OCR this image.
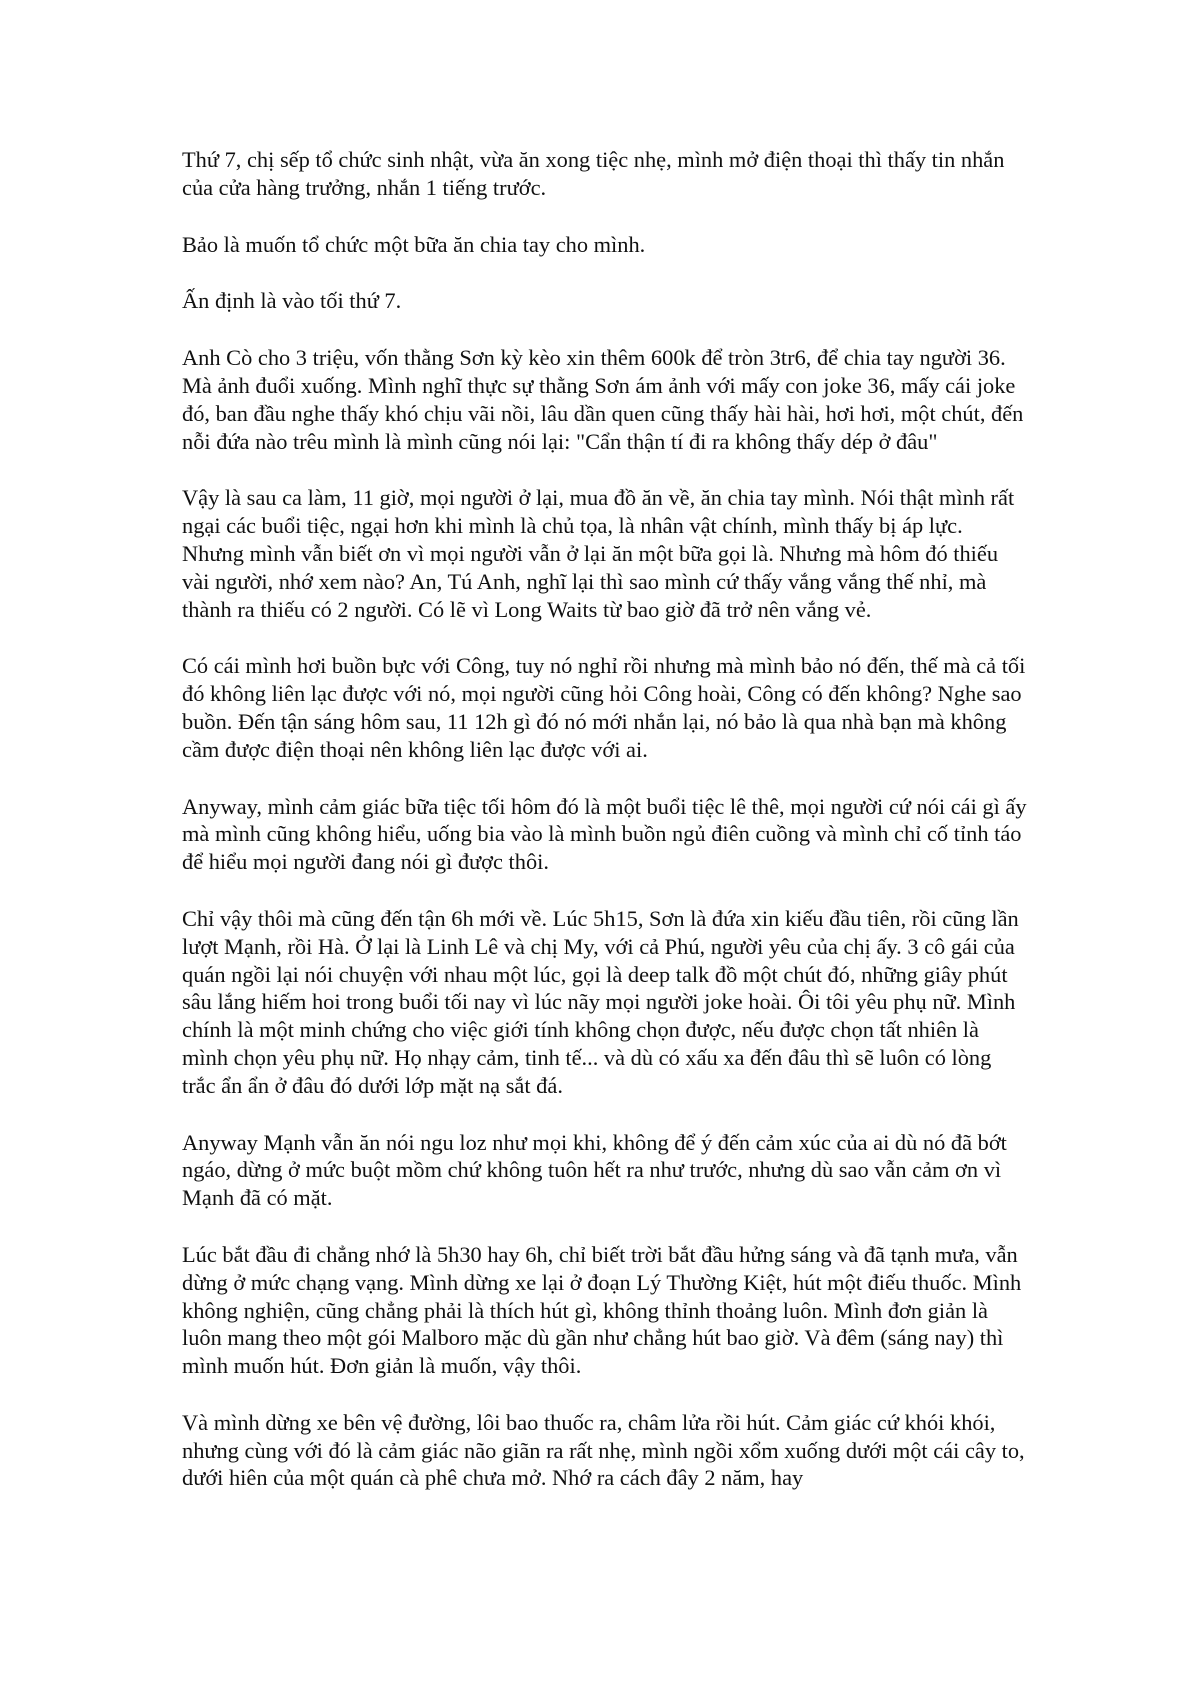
Thứ 7, chị sếp tổ chức sinh nhật, vừa ăn xong tiệc nhẹ, mình mở điện thoại thì thấy tin nhắn của cửa hàng trưởng, nhắn 1 tiếng trước.

Bảo là muốn tổ chức một bữa ăn chia tay cho mình.

Ấn định là vào tối thứ 7.

Anh Cò cho 3 triệu, vốn thằng Sơn kỳ kèo xin thêm 600k để tròn 3tr6, để chia tay người 36. Mà ảnh đuổi xuống. Mình nghĩ thực sự thằng Sơn ám ảnh với mấy con joke 36, mấy cái joke đó, ban đầu nghe thấy khó chịu vãi nồi, lâu dần quen cũng thấy hài hài, hơi hơi, một chút, đến nỗi đứa nào trêu mình là mình cũng nói lại: "Cẩn thận tí đi ra không thấy dép ở đâu"

Vậy là sau ca làm, 11 giờ, mọi người ở lại, mua đồ ăn về, ăn chia tay mình. Nói thật mình rất ngại các buổi tiệc, ngại hơn khi mình là chủ tọa, là nhân vật chính, mình thấy bị áp lực. Nhưng mình vẫn biết ơn vì mọi người vẫn ở lại ăn một bữa gọi là. Nhưng mà hôm đó thiếu vài người, nhớ xem nào? An, Tú Anh, nghĩ lại thì sao mình cứ thấy vắng vắng thế nhỉ, mà thành ra thiếu có 2 người. Có lẽ vì Long Waits từ bao giờ đã trở nên vắng vẻ.

Có cái mình hơi buồn bực với Công, tuy nó nghỉ rồi nhưng mà mình bảo nó đến, thế mà cả tối đó không liên lạc được với nó, mọi người cũng hỏi Công hoài, Công có đến không? Nghe sao buồn. Đến tận sáng hôm sau, 11 12h gì đó nó mới nhắn lại, nó bảo là qua nhà bạn mà không cầm được điện thoại nên không liên lạc được với ai.

Anyway, mình cảm giác bữa tiệc tối hôm đó là một buổi tiệc lê thê, mọi người cứ nói cái gì ấy mà mình cũng không hiểu, uống bia vào là mình buồn ngủ điên cuồng và mình chỉ cố tỉnh táo để hiểu mọi người đang nói gì được thôi.

Chỉ vậy thôi mà cũng đến tận 6h mới về. Lúc 5h15, Sơn là đứa xin kiếu đầu tiên, rồi cũng lần lượt Mạnh, rồi Hà. Ở lại là Linh Lê và chị My, với cả Phú, người yêu của chị ấy. 3 cô gái của quán ngồi lại nói chuyện với nhau một lúc, gọi là deep talk đồ một chút đó, những giây phút sâu lắng hiếm hoi trong buổi tối nay vì lúc nãy mọi người joke hoài. Ôi tôi yêu phụ nữ. Mình chính là một minh chứng cho việc giới tính không chọn được, nếu được chọn tất nhiên là mình chọn yêu phụ nữ. Họ nhạy cảm, tinh tế... và dù có xấu xa đến đâu thì sẽ luôn có lòng trắc ẩn ẩn ở đâu đó dưới lớp mặt nạ sắt đá.

Anyway Mạnh vẫn ăn nói ngu loz như mọi khi, không để ý đến cảm xúc của ai dù nó đã bớt ngáo, dừng ở mức buột mồm chứ không tuôn hết ra như trước, nhưng dù sao vẫn cảm ơn vì Mạnh đã có mặt.

Lúc bắt đầu đi chẳng nhớ là 5h30 hay 6h, chỉ biết trời bắt đầu hửng sáng và đã tạnh mưa, vẫn dừng ở mức chạng vạng. Mình dừng xe lại ở đoạn Lý Thường Kiệt, hút một điếu thuốc. Mình không nghiện, cũng chẳng phải là thích hút gì, không thỉnh thoảng luôn. Mình đơn giản là luôn mang theo một gói Malboro mặc dù gần như chẳng hút bao giờ. Và đêm (sáng nay) thì mình muốn hút. Đơn giản là muốn, vậy thôi.

Và mình dừng xe bên vệ đường, lôi bao thuốc ra, châm lửa rồi hút. Cảm giác cứ khói khói, nhưng cùng với đó là cảm giác não giãn ra rất nhẹ, mình ngồi xổm xuống dưới một cái cây to, dưới hiên của một quán cà phê chưa mở. Nhớ ra cách đây 2 năm, hay
